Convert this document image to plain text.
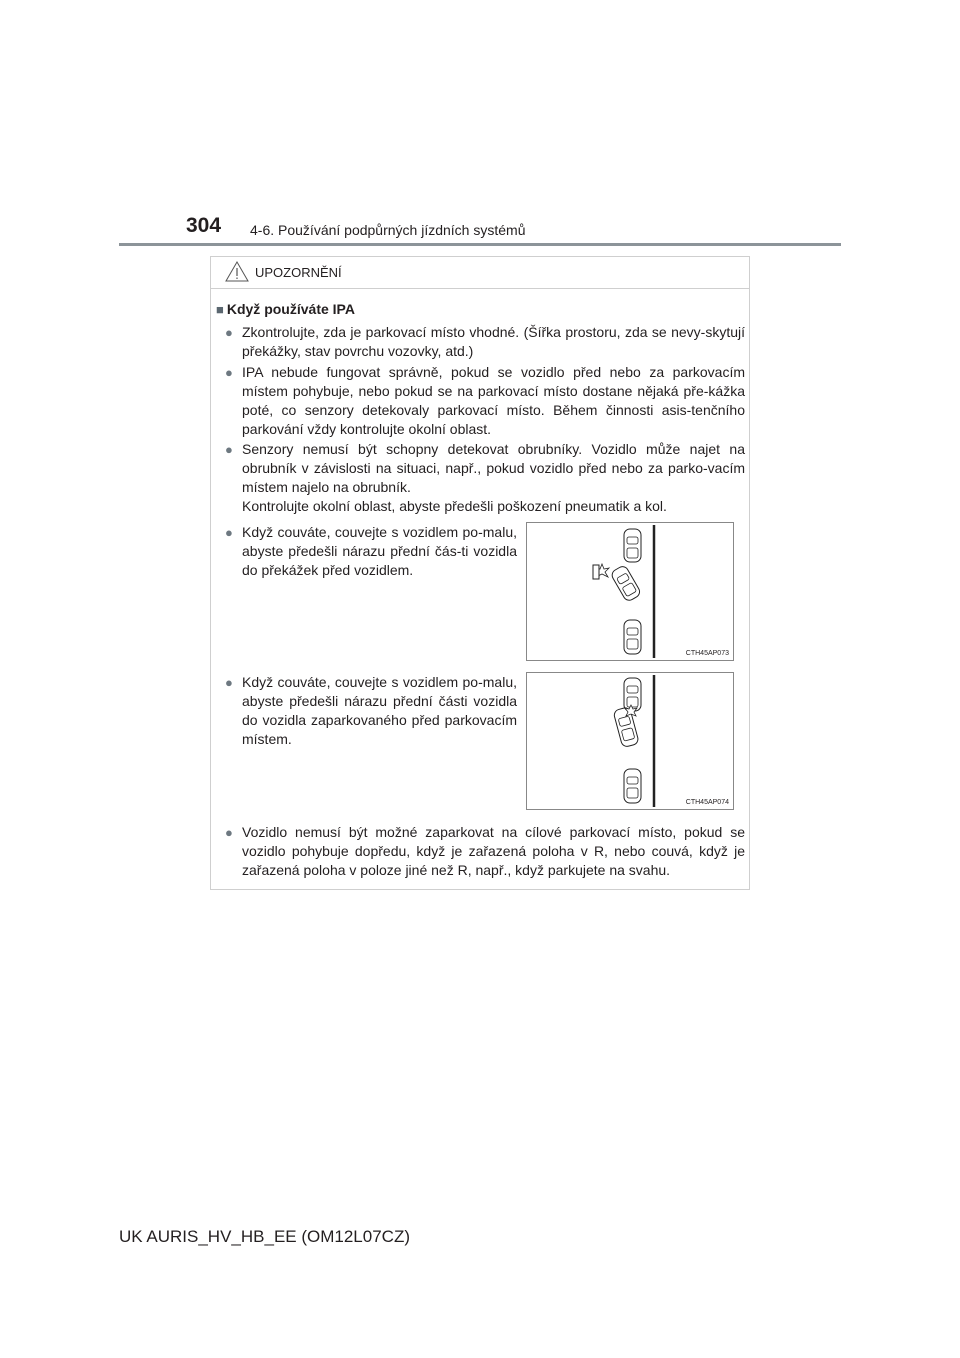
304 4-6. Používání podpůrných jízdních systémů
UPOZORNĚNÍ
■ Když používáte IPA
● Zkontrolujte, zda je parkovací místo vhodné. (Šířka prostoru, zda se nevy-skytují překážky, stav povrchu vozovky, atd.)
● IPA nebude fungovat správně, pokud se vozidlo před nebo za parkovacím místem pohybuje, nebo pokud se na parkovací místo dostane nějaká pře-kážka poté, co senzory detekovaly parkovací místo. Během činnosti asis-tenčního parkování vždy kontrolujte okolní oblast.
● Senzory nemusí být schopny detekovat obrubníky. Vozidlo může najet na obrubník v závislosti na situaci, např., pokud vozidlo před nebo za parko-vacím místem najelo na obrubník.
Kontrolujte okolní oblast, abyste předešli poškození pneumatik a kol.
● Když couváte, couvejte s vozidlem po-malu, abyste předešli nárazu přední čás-ti vozidla do překážek před vozidlem.
CTH45AP073
● Když couváte, couvejte s vozidlem po-malu, abyste předešli nárazu přední části vozidla do vozidla zaparkovaného před parkovacím místem.
CTH45AP074
● Vozidlo nemusí být možné zaparkovat na cílové parkovací místo, pokud se vozidlo pohybuje dopředu, když je zařazená poloha v R, nebo couvá, když je zařazená poloha v poloze jiné než R, např., když parkujete na svahu.
UK AURIS_HV_HB_EE (OM12L07CZ)
